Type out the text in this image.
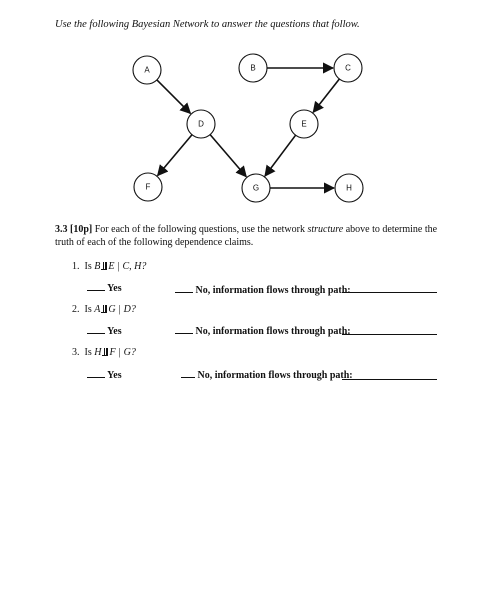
Use the following Bayesian Network to answer the questions that follow.
A	B	C
D	E
F	G	H
3.3 [10p] For each of the following questions, use the network structure above to determine the truth of each of the following dependence claims.
1. Is B E | C, H?
Yes	No, information flows through path:
2. Is A G | D?
Yes	No, information flows through path:
3. Is H F | G?
Yes	No, information flows through path:
